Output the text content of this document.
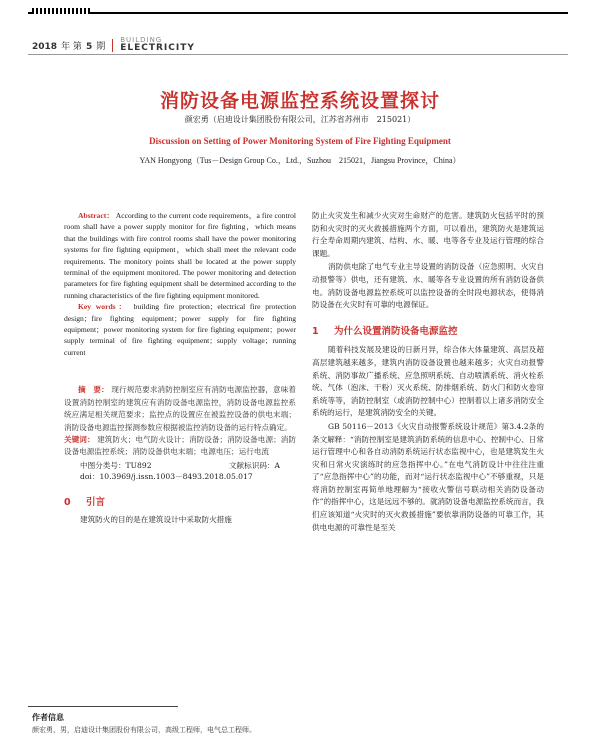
2018 年 第 5 期
BUILDING
ELECTRICITY
消防设备电源监控系统设置探讨
颜宏勇（启迪设计集团股份有限公司，江苏省苏州市　215021）
Discussion on Setting of Power Monitoring System of Fire Fighting Equipment
YAN Hongyong（Tus－Design Group Co.，Ltd.，Suzhou　215021，Jiangsu Province，China）

Abstract： According to the current code requirements，a fire control room shall have a power supply monitor for fire fighting，which means that the buildings with fire control rooms shall have the power monitoring systems for fire fighting equipment，which shall meet the relevant code requirements. The monitory points shall be located at the power supply terminal of the equipment monitored. The power monitoring and detection parameters for fire fighting equipment shall be determined according to the running characteristics of the fire fighting equipment monitored.

Key words： building fire protection；electrical fire protection design；fire fighting equipment；power supply for fire fighting equipment；power monitoring system for fire fighting equipment；power supply terminal of fire fighting equipment；supply voltage；running current

摘　要： 现行规范要求消防控制室应有消防电源监控器，意味着设置消防控制室的建筑应有消防设备电源监控，消防设备电源监控系统应满足相关规范要求；监控点的设置应在被监控设备的供电末端；消防设备电源监控探测参数应根据被监控消防设备的运行特点确定。

关键词： 建筑防火；电气防火设计；消防设备；消防设备电源；消防设备电源监控系统；消防设备供电末端；电源电压；运行电流

中图分类号：TU892	文献标识码：A
doi：10.3969/j.issn.1003－8493.2018.05.017
0 引言

建筑防火的目的是在建筑设计中采取防火措施

防止火灾发生和减少火灾对生命财产的危害。建筑防火包括平时的预防和火灾时的灭火救援措施两个方面，可以看出，建筑防火是建筑运行全寿命周期内建筑、结构、水、暖、电等各专业及运行管理的综合课题。

消防供电除了电气专业主导设置的消防设备（应急照明、火灾自动报警等）供电，还有建筑、水、暖等各专业设置的所有消防设备供电。消防设备电源监控系统可以监控设备的全时段电源状态，使得消防设备在火灾时有可靠的电源保证。

1 为什么设置消防设备电源监控

随着科技发展及建设的日新月异，综合体大体量建筑、高层及超高层建筑越来越多，建筑内消防设备设置也越来越多；火灾自动报警系统、消防事故广播系统、应急照明系统、自动喷洒系统、消火栓系统、气体（泡沫、干粉）灭火系统、防排烟系统、防火门和防火卷帘系统等等，消防控制室（或消防控制中心）控制着以上诸多消防安全系统的运行，是建筑消防安全的关键。

GB 50116－2013《火灾自动报警系统设计规范》第3.4.2条的条文解释：“消防控制室是建筑消防系统的信息中心、控制中心、日常运行管理中心和各自动消防系统运行状态监视中心，也是建筑发生火灾和日常火灾演练时的应急指挥中心。”在电气消防设计中往往注重了“应急指挥中心”的功能，而对“运行状态监视中心”不够重视，只是将消防控制室再简单地理解为“接收火警信号联动相关消防设备动作”的指挥中心，这是远远不够的。就消防设备电源监控系统而言，我们应该知道“火灾时的灭火救援措施”要依靠消防设备的可靠工作，其供电电源的可靠性是至关

作者信息
颜宏勇，男，启迪设计集团股份有限公司，高级工程师，电气总工程师。
